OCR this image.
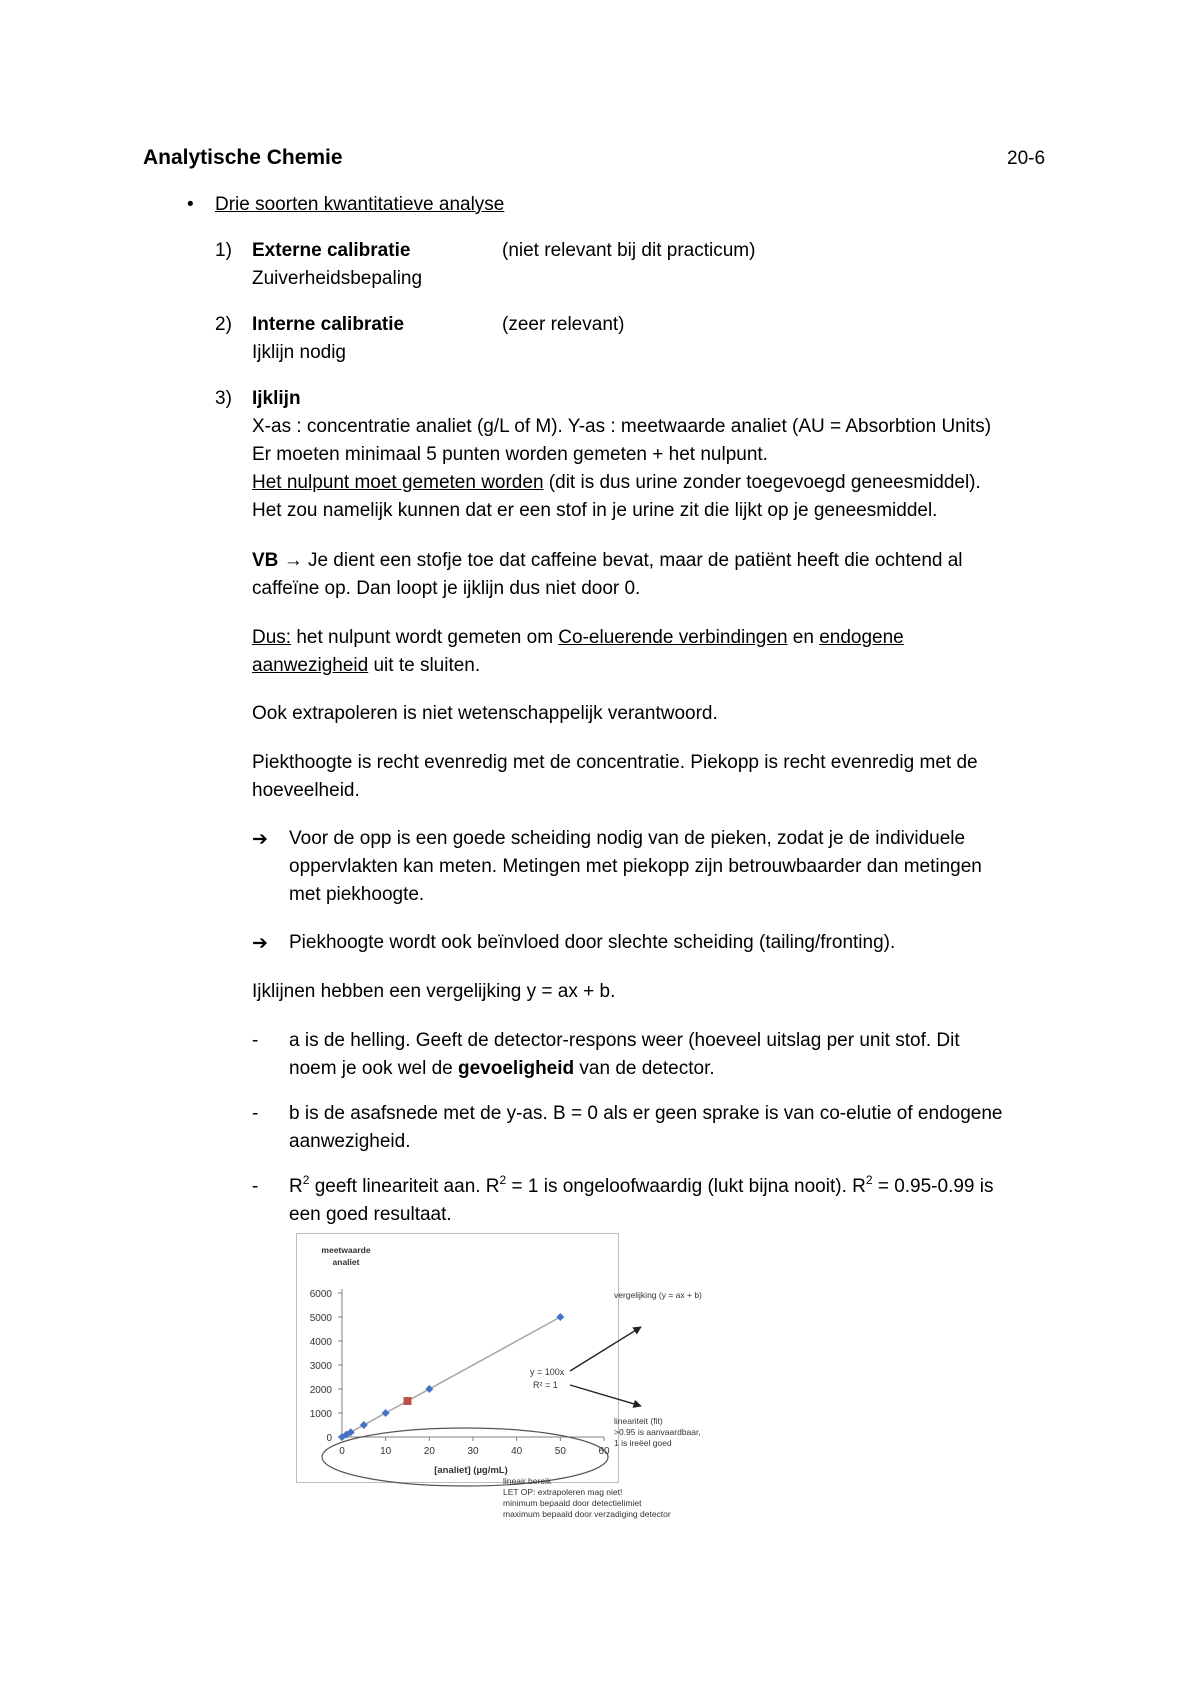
Analytische Chemie	20-6
• Drie soorten kwantitatieve analyse
1) Externe calibratie	(niet relevant bij dit practicum)
Zuiverheidsbepaling
2) Interne calibratie	(zeer relevant)
Ijklijn nodig
3) Ijklijn
X-as : concentratie analiet (g/L of M). Y-as : meetwaarde analiet (AU = Absorbtion Units)
Er moeten minimaal 5 punten worden gemeten + het nulpunt.
Het nulpunt moet gemeten worden (dit is dus urine zonder toegevoegd geneesmiddel).
Het zou namelijk kunnen dat er een stof in je urine zit die lijkt op je geneesmiddel.
VB → Je dient een stofje toe dat caffeine bevat, maar de patiënt heeft die ochtend al
caffeïne op. Dan loopt je ijklijn dus niet door 0.
Dus: het nulpunt wordt gemeten om Co-eluerende verbindingen en endogene
aanwezigheid uit te sluiten.
Ook extrapoleren is niet wetenschappelijk verantwoord.
Piekthoogte is recht evenredig met de concentratie. Piekopp is recht evenredig met de
hoeveelheid.
➔ Voor de opp is een goede scheiding nodig van de pieken, zodat je de individuele
oppervlakten kan meten. Metingen met piekopp zijn betrouwbaarder dan metingen
met piekhoogte.
➔ Piekhoogte wordt ook beïnvloed door slechte scheiding (tailing/fronting).
Ijklijnen hebben een vergelijking y = ax + b.
- a is de helling. Geeft de detector-respons weer (hoeveel uitslag per unit stof. Dit
noem je ook wel de gevoeligheid van de detector.
- b is de asafsnede met de y-as. B = 0 als er geen sprake is van co-elutie of endogene
aanwezigheid.
- $R^2$ geeft lineariteit aan. $R^2 = 1$ is ongeloofwaardig (lukt bijna nooit). $R^2 = 0.95-0.99$ is
een goed resultaat.
0
1000
2000
3000
4000
5000
6000
0	10	20	30	40	50	60
meetwaarde
analiet
[analiet] (µg/mL)
y = 100x
R² = 1
vergelijking (y = ax + b)
lineariteit (fit)
>0.95 is aanvaardbaar,
1 is ireëel goed
lineair bereik
LET OP: extrapoleren mag niet!
minimum bepaald door detectielimiet
maximum bepaald door verzadiging detector
